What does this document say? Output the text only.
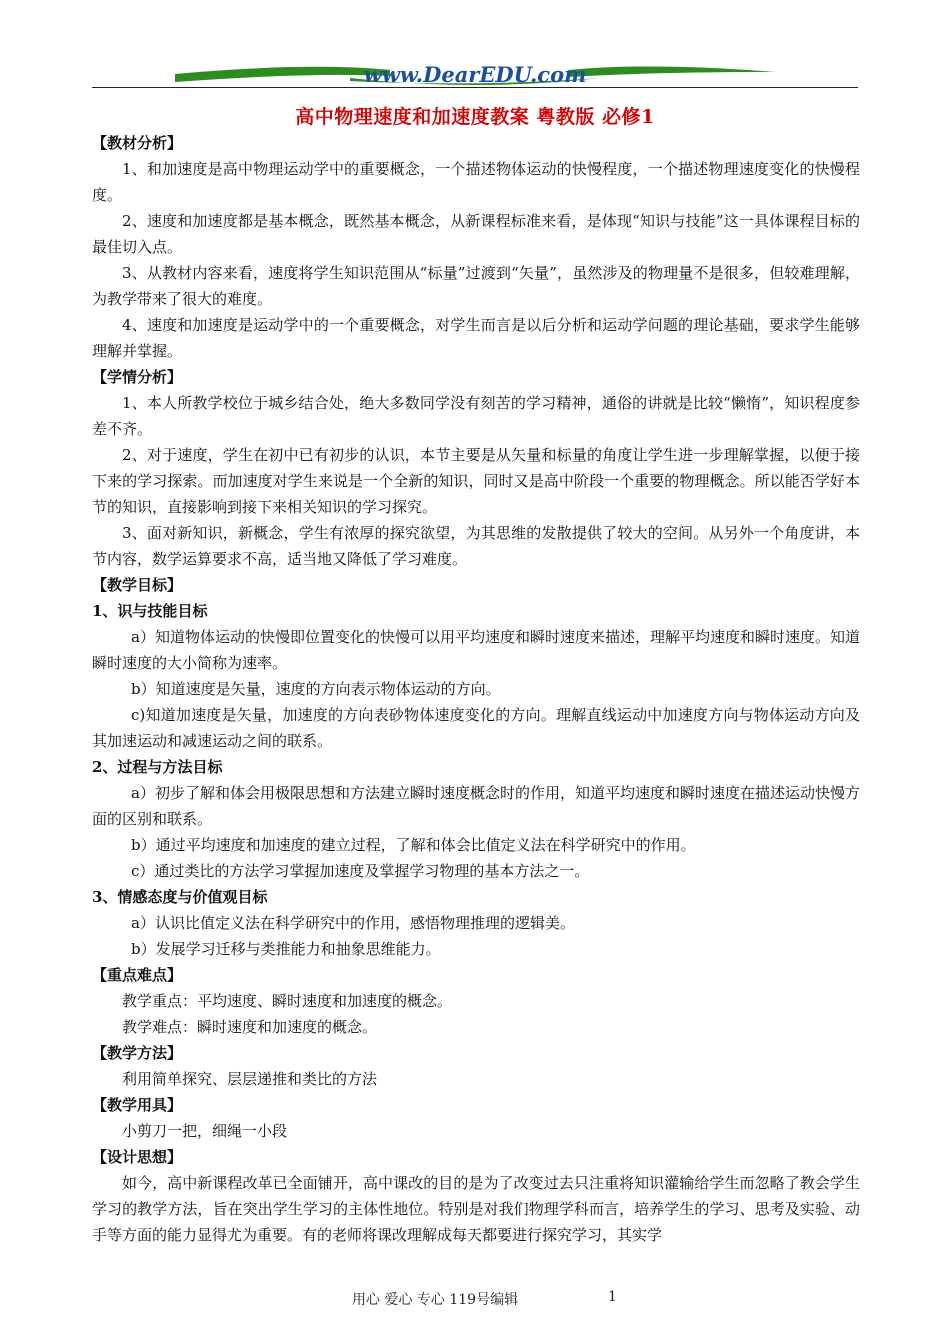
www.DearEDU.com
高中物理速度和加速度教案 粤教版 必修1

【教材分析】

1、和加速度是高中物理运动学中的重要概念，一个描述物体运动的快慢程度，一个描述物理速度变化的快慢程度。

2、速度和加速度都是基本概念，既然基本概念，从新课程标准来看，是体现“知识与技能”这一具体课程目标的最佳切入点。

3、从教材内容来看，速度将学生知识范围从“标量”过渡到“矢量”，虽然涉及的物理量不是很多，但较难理解，为教学带来了很大的难度。

4、速度和加速度是运动学中的一个重要概念，对学生而言是以后分析和运动学问题的理论基础，要求学生能够理解并掌握。

【学情分析】

1、本人所教学校位于城乡结合处，绝大多数同学没有刻苦的学习精神，通俗的讲就是比较“懒惰”，知识程度参差不齐。

2、对于速度，学生在初中已有初步的认识，本节主要是从矢量和标量的角度让学生进一步理解掌握，以便于接下来的学习探索。而加速度对学生来说是一个全新的知识，同时又是高中阶段一个重要的物理概念。所以能否学好本节的知识，直接影响到接下来相关知识的学习探究。

3、面对新知识，新概念，学生有浓厚的探究欲望，为其思维的发散提供了较大的空间。从另外一个角度讲，本节内容，数学运算要求不高，适当地又降低了学习难度。

【教学目标】

1、识与技能目标

a）知道物体运动的快慢即位置变化的快慢可以用平均速度和瞬时速度来描述，理解平均速度和瞬时速度。知道瞬时速度的大小简称为速率。

b）知道速度是矢量，速度的方向表示物体运动的方向。

c)知道加速度是矢量，加速度的方向表砂物体速度变化的方向。理解直线运动中加速度方向与物体运动方向及其加速运动和减速运动之间的联系。

2、过程与方法目标

a）初步了解和体会用极限思想和方法建立瞬时速度概念时的作用，知道平均速度和瞬时速度在描述运动快慢方面的区别和联系。

b）通过平均速度和加速度的建立过程，了解和体会比值定义法在科学研究中的作用。

c）通过类比的方法学习掌握加速度及掌握学习物理的基本方法之一。

3、情感态度与价值观目标

a）认识比值定义法在科学研究中的作用，感悟物理推理的逻辑美。

b）发展学习迁移与类推能力和抽象思维能力。

【重点难点】

教学重点：平均速度、瞬时速度和加速度的概念。

教学难点：瞬时速度和加速度的概念。

【教学方法】

利用简单探究、层层递推和类比的方法

【教学用具】

小剪刀一把，细绳一小段

【设计思想】

如今，高中新课程改革已全面铺开，高中课改的目的是为了改变过去只注重将知识灌输给学生而忽略了教会学生学习的教学方法，旨在突出学生学习的主体性地位。特别是对我们物理学科而言，培养学生的学习、思考及实验、动手等方面的能力显得尤为重要。有的老师将课改理解成每天都要进行探究学习，其实学

用心 爱心 专心 119号编辑	1
